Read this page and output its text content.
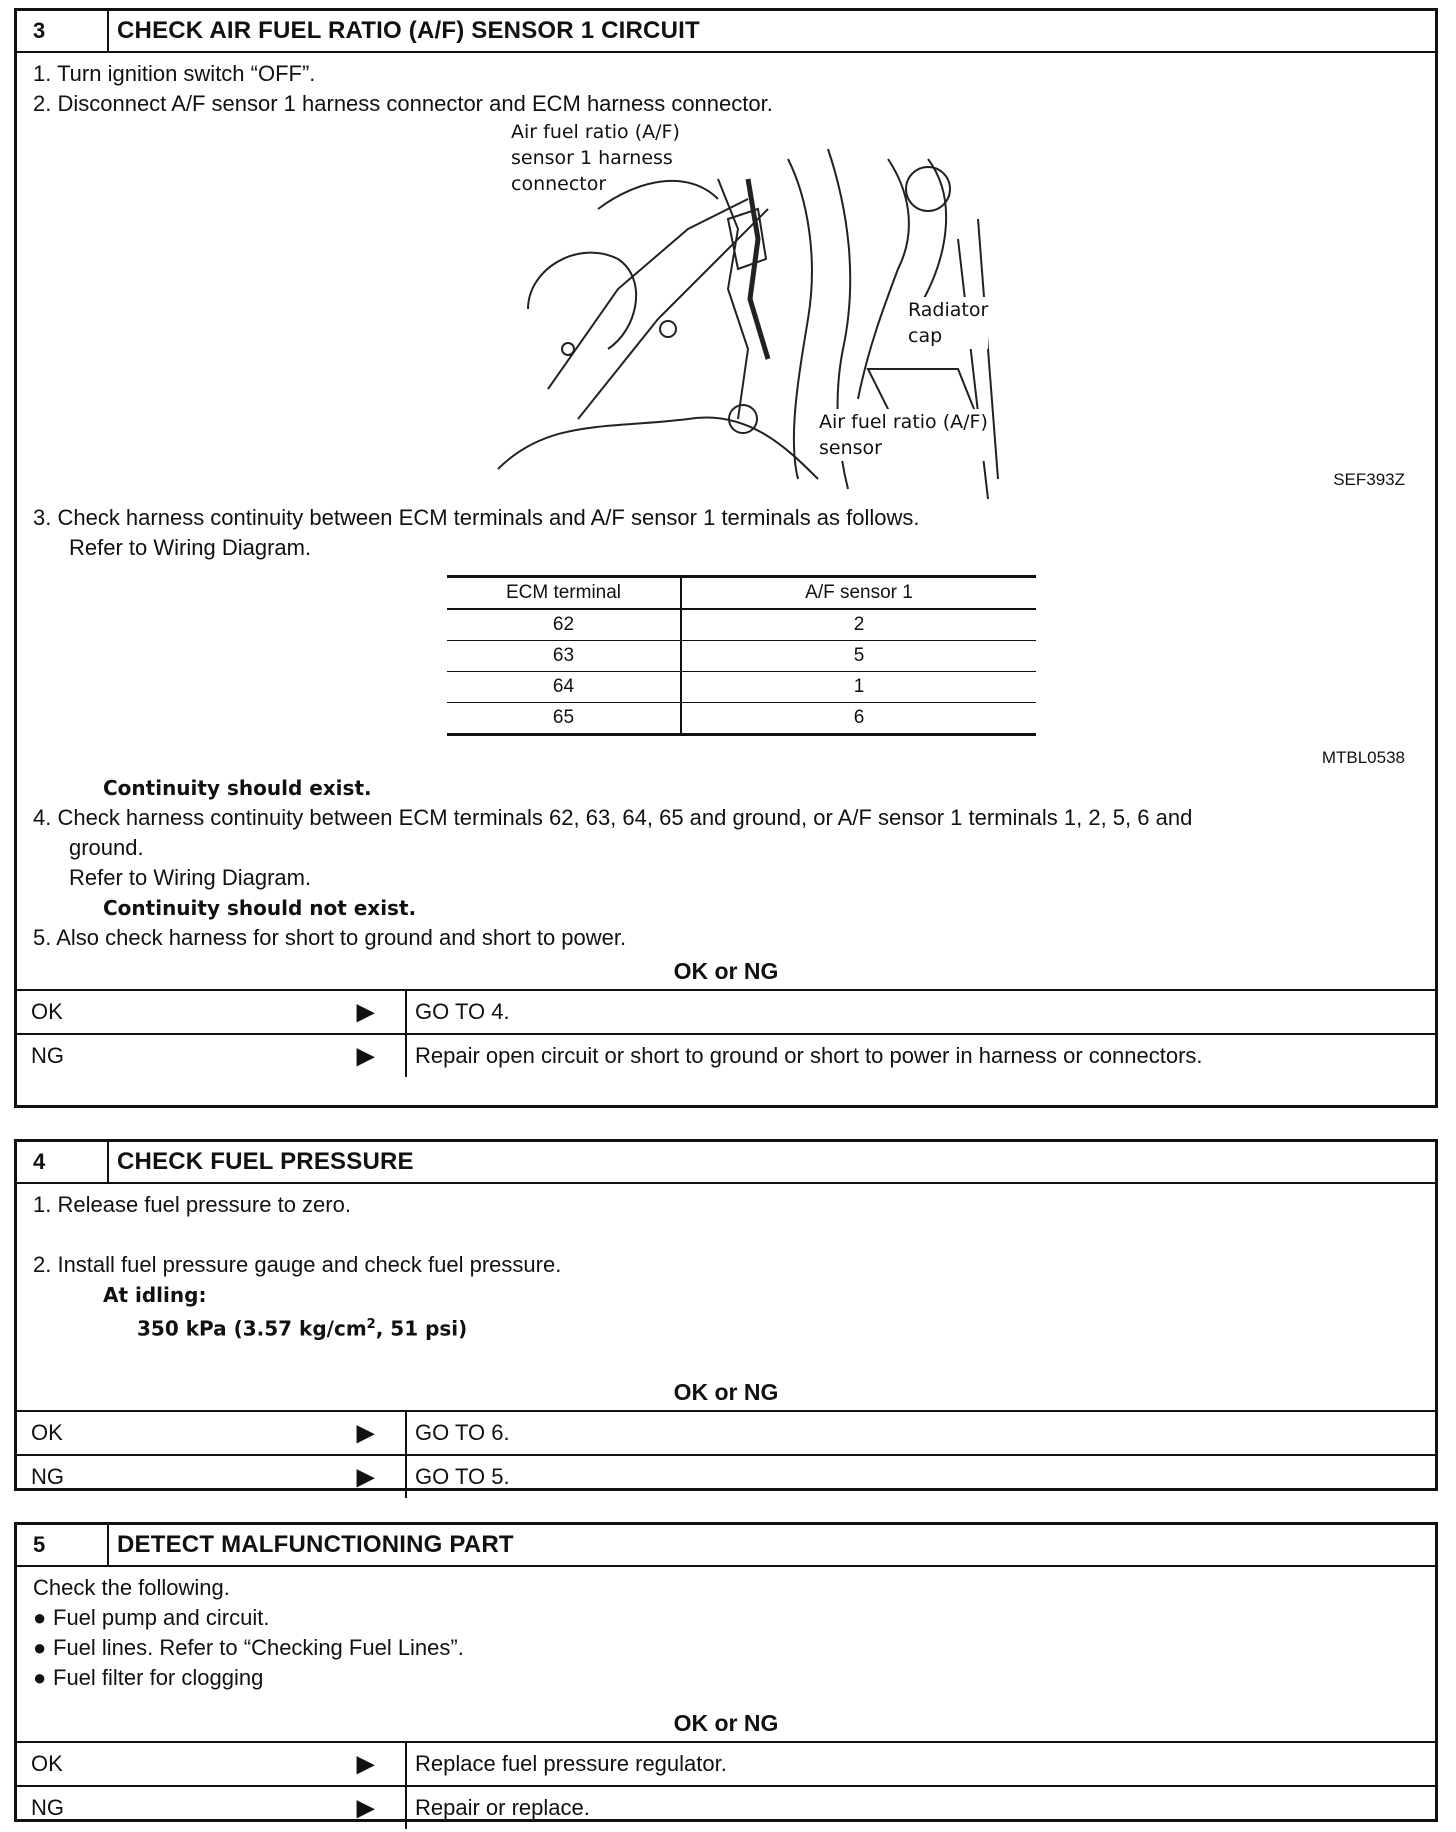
3	CHECK AIR FUEL RATIO (A/F) SENSOR 1 CIRCUIT
1. Turn ignition switch “OFF”.
2. Disconnect A/F sensor 1 harness connector and ECM harness connector.
Air fuel ratio (A/F)
sensor 1 harness
connector
Radiator
cap
Air fuel ratio (A/F)
sensor
SEF393Z
3. Check harness continuity between ECM terminals and A/F sensor 1 terminals as follows.
Refer to Wiring Diagram.
ECM terminal	A/F sensor 1
62	2
63	5
64	1
65	6
MTBL0538
Continuity should exist.
4. Check harness continuity between ECM terminals 62, 63, 64, 65 and ground, or A/F sensor 1 terminals 1, 2, 5, 6 and
ground.
Refer to Wiring Diagram.
Continuity should not exist.
5. Also check harness for short to ground and short to power.
OK or NG
OK	▶	GO TO 4.
NG	▶	Repair open circuit or short to ground or short to power in harness or connectors.
4	CHECK FUEL PRESSURE
1. Release fuel pressure to zero.
2. Install fuel pressure gauge and check fuel pressure.
At idling:
350 kPa (3.57 $kg/cm^2$, 51 psi)
OK or NG
OK	▶	GO TO 6.
NG	▶	GO TO 5.
5	DETECT MALFUNCTIONING PART
Check the following.
● Fuel pump and circuit.
● Fuel lines. Refer to “Checking Fuel Lines”.
● Fuel filter for clogging
OK or NG
OK	▶	Replace fuel pressure regulator.
NG	▶	Repair or replace.
